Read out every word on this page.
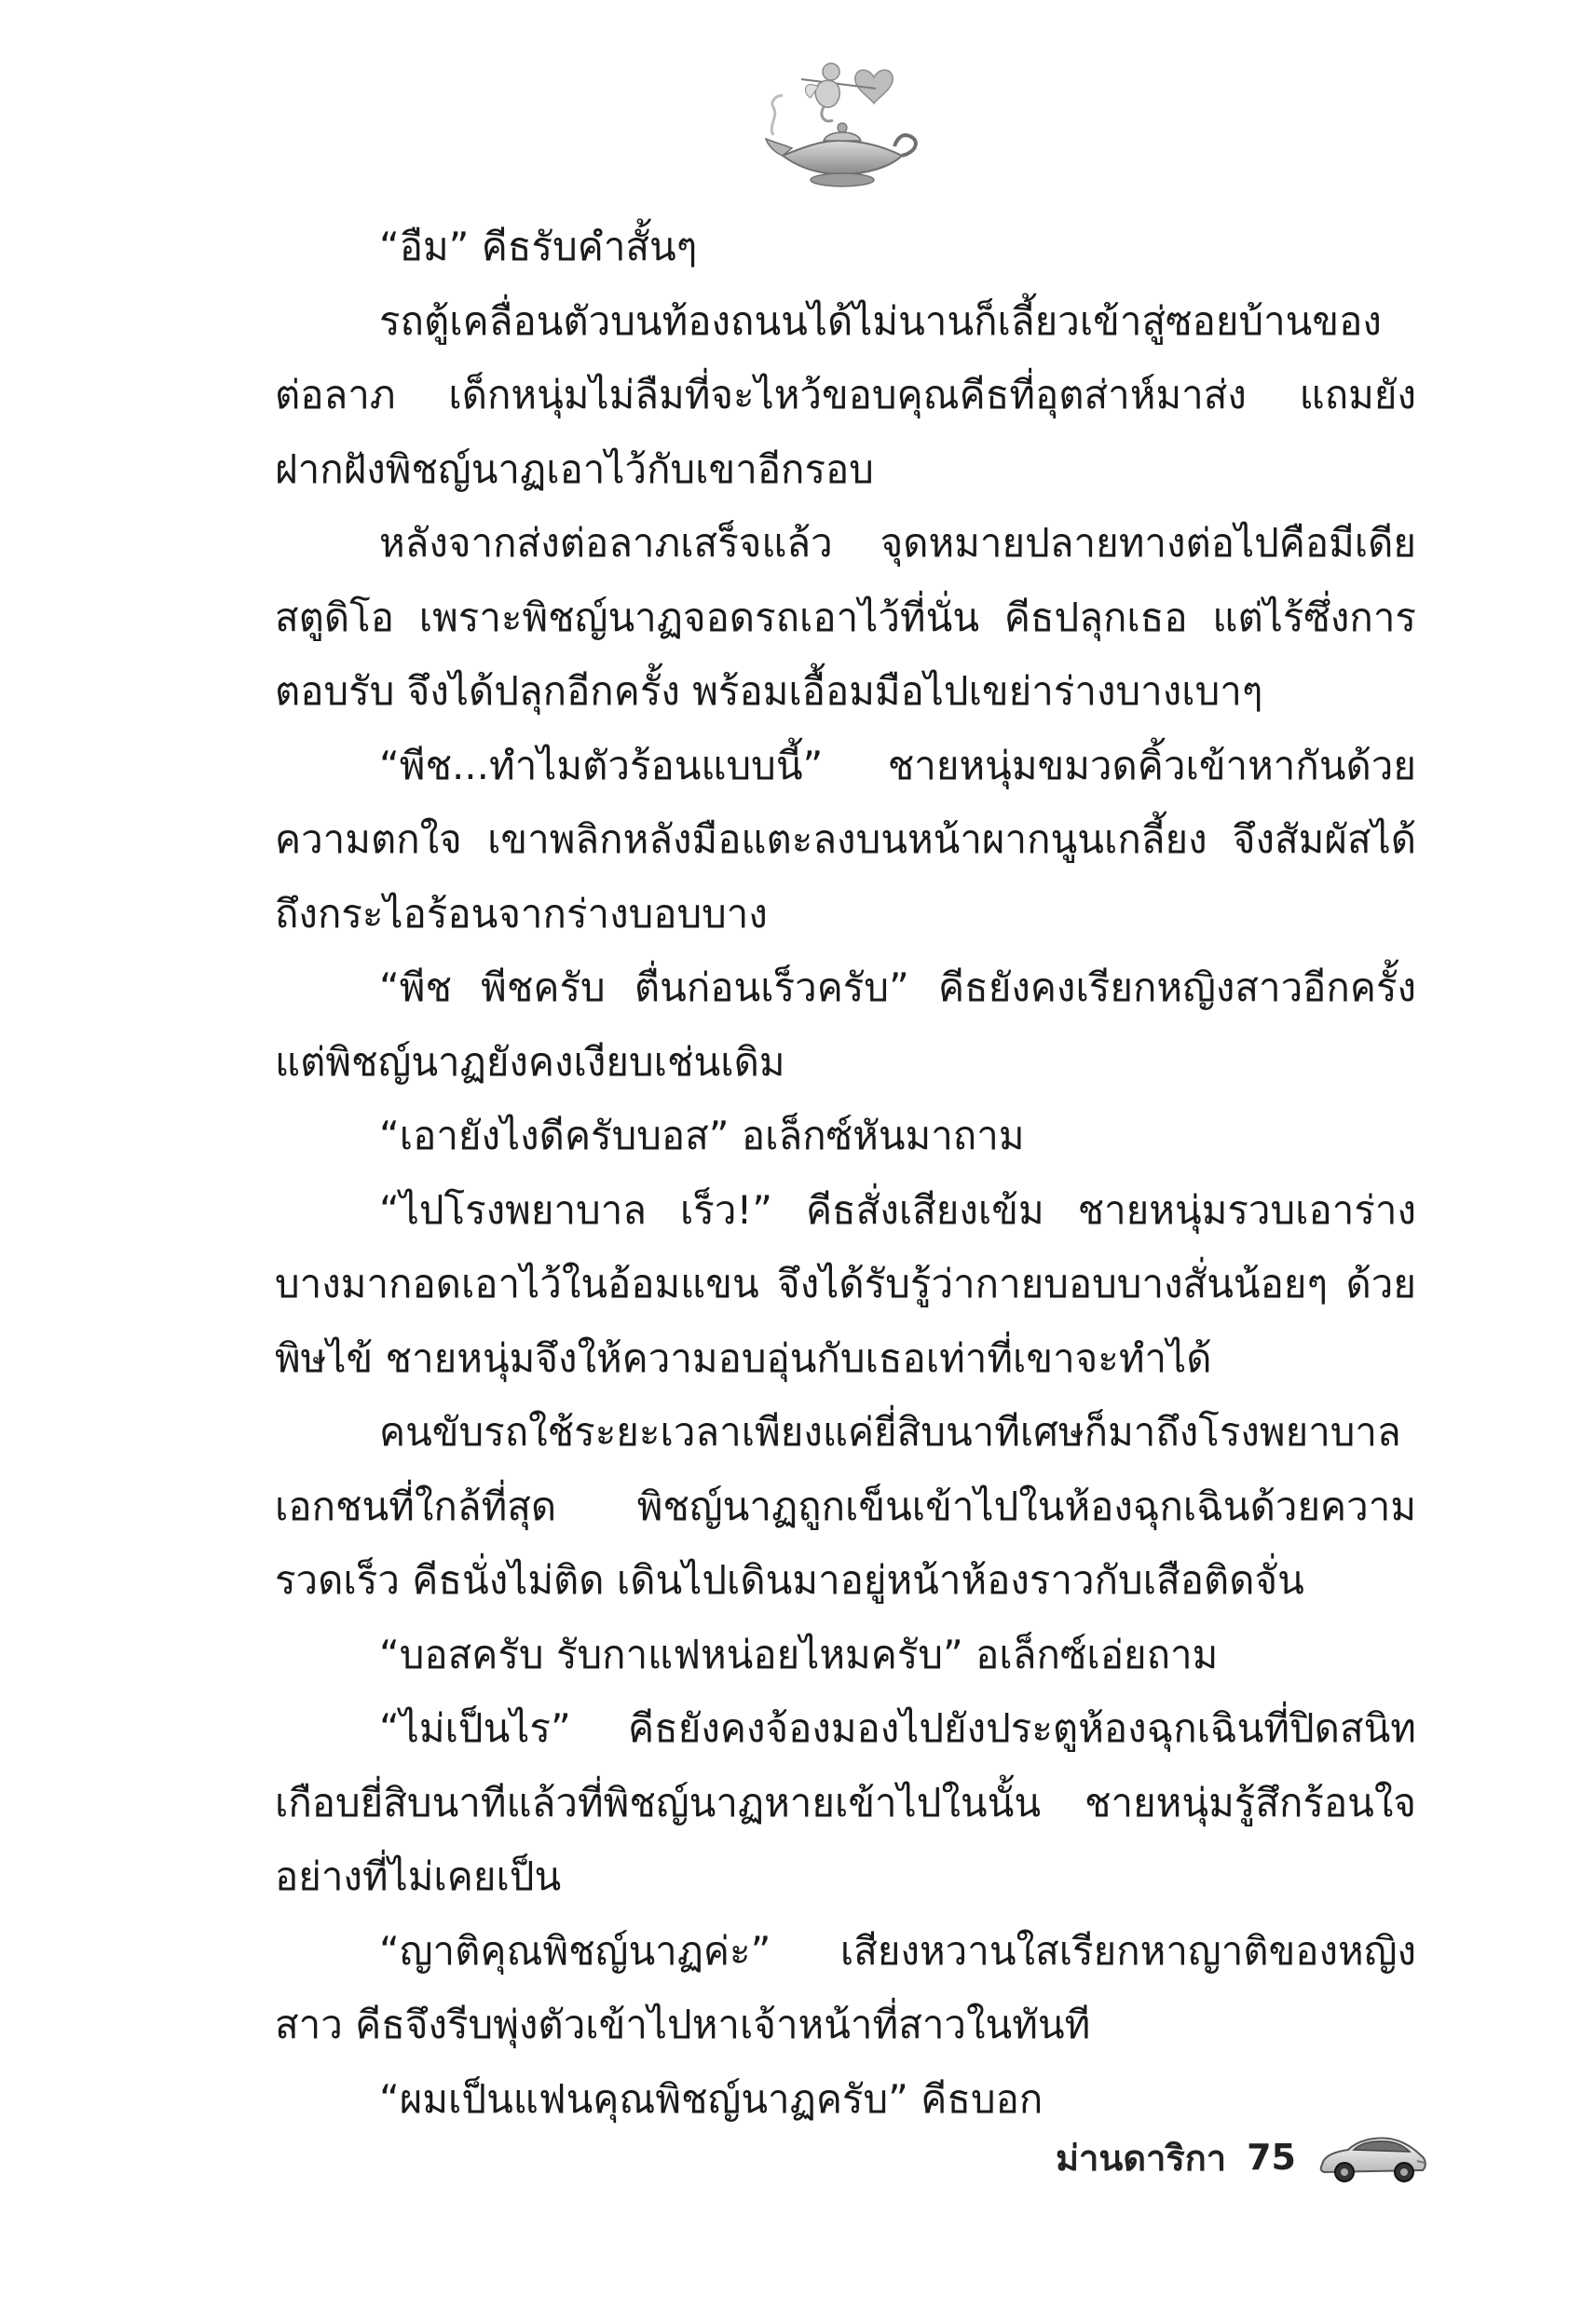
“อืม” คีธรับคำสั้นๆ

รถตู้เคลื่อนตัวบนท้องถนนได้ไม่นานก็เลี้ยวเข้าสู่ซอยบ้านของต่อลาภ เด็กหนุ่มไม่ลืมที่จะไหว้ขอบคุณคีธที่อุตส่าห์มาส่ง แถมยังฝากฝังพิชญ์นาฏเอาไว้กับเขาอีกรอบ

หลังจากส่งต่อลาภเสร็จแล้ว จุดหมายปลายทางต่อไปคือมีเดียสตูดิโอ เพราะพิชญ์นาฏจอดรถเอาไว้ที่นั่น คีธปลุกเธอ แต่ไร้ซึ่งการตอบรับ จึงได้ปลุกอีกครั้ง พร้อมเอื้อมมือไปเขย่าร่างบางเบาๆ

“พีช...ทำไมตัวร้อนแบบนี้” ชายหนุ่มขมวดคิ้วเข้าหากันด้วยความตกใจ เขาพลิกหลังมือแตะลงบนหน้าผากนูนเกลี้ยง จึงสัมผัสได้ถึงกระไอร้อนจากร่างบอบบาง

“พีช พีชครับ ตื่นก่อนเร็วครับ” คีธยังคงเรียกหญิงสาวอีกครั้ง แต่พิชญ์นาฏยังคงเงียบเช่นเดิม

“เอายังไงดีครับบอส” อเล็กซ์หันมาถาม

“ไปโรงพยาบาล เร็ว!” คีธสั่งเสียงเข้ม ชายหนุ่มรวบเอาร่างบางมากอดเอาไว้ในอ้อมแขน จึงได้รับรู้ว่ากายบอบบางสั่นน้อยๆ ด้วยพิษไข้ ชายหนุ่มจึงให้ความอบอุ่นกับเธอเท่าที่เขาจะทำได้

คนขับรถใช้ระยะเวลาเพียงแค่ยี่สิบนาทีเศษก็มาถึงโรงพยาบาลเอกชนที่ใกล้ที่สุด พิชญ์นาฏถูกเข็นเข้าไปในห้องฉุกเฉินด้วยความรวดเร็ว คีธนั่งไม่ติด เดินไปเดินมาอยู่หน้าห้องราวกับเสือติดจั่น

“บอสครับ รับกาแฟหน่อยไหมครับ” อเล็กซ์เอ่ยถาม

“ไม่เป็นไร” คีธยังคงจ้องมองไปยังประตูห้องฉุกเฉินที่ปิดสนิทเกือบยี่สิบนาทีแล้วที่พิชญ์นาฏหายเข้าไปในนั้น ชายหนุ่มรู้สึกร้อนใจอย่างที่ไม่เคยเป็น

“ญาติคุณพิชญ์นาฏค่ะ” เสียงหวานใสเรียกหาญาติของหญิงสาว คีธจึงรีบพุ่งตัวเข้าไปหาเจ้าหน้าที่สาวในทันที

“ผมเป็นแฟนคุณพิชญ์นาฏครับ” คีธบอก

ม่านดาริกา 75
